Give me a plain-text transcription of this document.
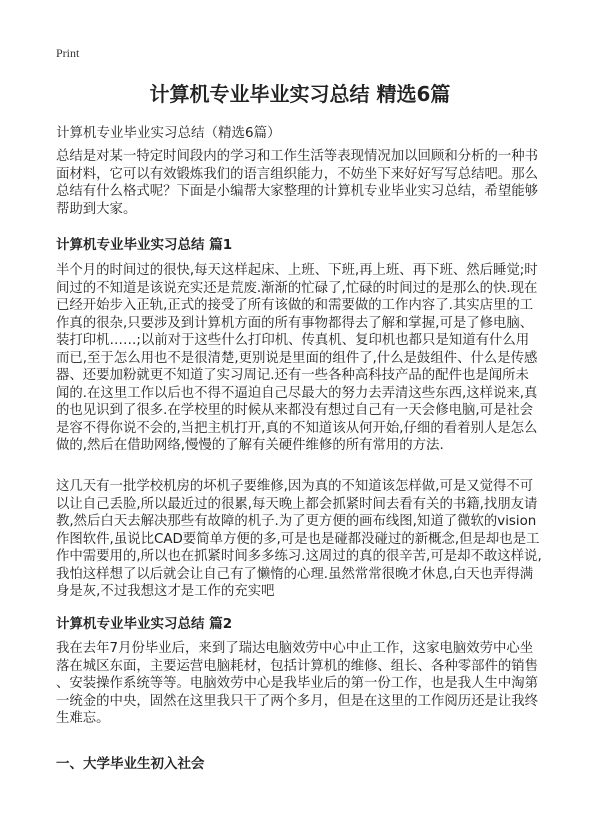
Print
计算机专业毕业实习总结 精选6篇
计算机专业毕业实习总结（精选6篇）
总结是对某一特定时间段内的学习和工作生活等表现情况加以回顾和分析的一种书
面材料，它可以有效锻炼我们的语言组织能力，不妨坐下来好好写写总结吧。那么
总结有什么格式呢？下面是小编帮大家整理的计算机专业毕业实习总结，希望能够
帮助到大家。
计算机专业毕业实习总结 篇1
半个月的时间过的很快,每天这样起床、上班、下班,再上班、再下班、然后睡觉;时
间过的不知道是该说充实还是荒废.渐渐的忙碌了,忙碌的时间过的是那么的快.现在
已经开始步入正轨,正式的接受了所有该做的和需要做的工作内容了.其实店里的工
作真的很杂,只要涉及到计算机方面的所有事物都得去了解和掌握,可是了修电脑、
装打印机……;以前对于这些什么打印机、传真机、复印机也都只是知道有什么用
而已,至于怎么用也不是很清楚,更别说是里面的组件了,什么是鼓组件、什么是传感
器、还要加粉就更不知道了实习周记.还有一些各种高科技产品的配件也是闻所未
闻的.在这里工作以后也不得不逼迫自己尽最大的努力去弄清这些东西,这样说来,真
的也见识到了很多.在学校里的时候从来都没有想过自己有一天会修电脑,可是社会
是容不得你说不会的,当把主机打开,真的不知道该从何开始,仔细的看着别人是怎么
做的,然后在借助网络,慢慢的了解有关硬件维修的所有常用的方法.
这几天有一批学校机房的坏机子要维修,因为真的不知道该怎样做,可是又觉得不可
以让自己丢脸,所以最近过的很累,每天晚上都会抓紧时间去看有关的书籍,找朋友请
教,然后白天去解决那些有故障的机子.为了更方便的画布线图,知道了微软的vision
作图软件,虽说比CAD要简单方便的多,可是也是碰都没碰过的新概念,但是却也是工
作中需要用的,所以也在抓紧时间多多练习.这周过的真的很辛苦,可是却不敢这样说,
我怕这样想了以后就会让自己有了懒惰的心理.虽然常常很晚才休息,白天也弄得满
身是灰,不过我想这才是工作的充实吧
计算机专业毕业实习总结 篇2
我在去年7月份毕业后，来到了瑞达电脑效劳中心中止工作，这家电脑效劳中心坐
落在城区东面，主要运营电脑耗材，包括计算机的维修、组长、各种零部件的销售
、安装操作系统等等。电脑效劳中心是我毕业后的第一份工作，也是我人生中淘第
一统金的中央，固然在这里我只干了两个多月，但是在这里的工作阅历还是让我终
生难忘。
一、大学毕业生初入社会
